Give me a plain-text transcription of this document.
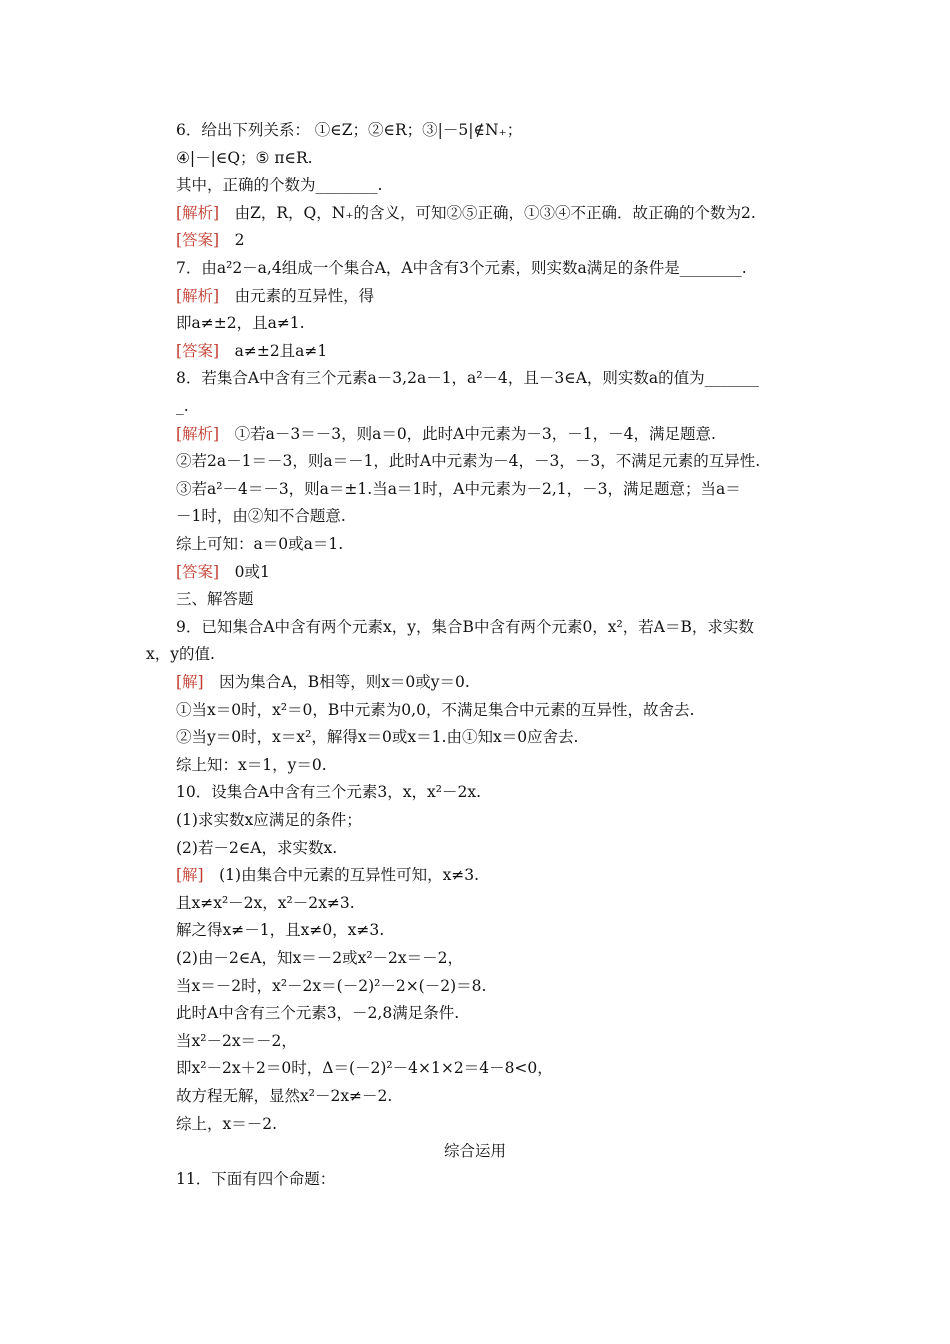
6．给出下列关系： ①∈Z；②∈R；③|－5|∉N₊；
④|－|∈Q；⑤ π∈R.
其中，正确的个数为________.
[解析]　由Z，R，Q，N₊的含义，可知②⑤正确，①③④不正确．故正确的个数为2.
[答案]　2
7．由a²2－a,4组成一个集合A，A中含有3个元素，则实数a满足的条件是________.
[解析]　由元素的互异性，得
即a≠±2，且a≠1.
[答案]　a≠±2且a≠1
8．若集合A中含有三个元素a－3,2a－1，a²－4，且－3∈A，则实数a的值为_______
_.
[解析]　①若a－3＝－3，则a＝0，此时A中元素为－3，－1，－4，满足题意.
②若2a－1＝－3，则a＝－1，此时A中元素为－4，－3，－3，不满足元素的互异性.
③若a²－4＝－3，则a＝±1.当a＝1时，A中元素为－2,1，－3，满足题意；当a＝
－1时，由②知不合题意.
综上可知：a＝0或a＝1.
[答案]　0或1
三、解答题
9．已知集合A中含有两个元素x，y，集合B中含有两个元素0，x²，若A＝B，求实数
x，y的值.
[解]　因为集合A，B相等，则x＝0或y＝0.
①当x＝0时，x²＝0，B中元素为0,0，不满足集合中元素的互异性，故舍去.
②当y＝0时，x＝x²，解得x＝0或x＝1.由①知x＝0应舍去.
综上知：x＝1，y＝0.
10．设集合A中含有三个元素3，x，x²－2x.
(1)求实数x应满足的条件；
(2)若－2∈A，求实数x.
[解]　(1)由集合中元素的互异性可知，x≠3.
且x≠x²－2x，x²－2x≠3.
解之得x≠－1，且x≠0，x≠3.
(2)由－2∈A，知x＝－2或x²－2x＝－2，
当x＝－2时，x²－2x＝(－2)²－2×(－2)＝8.
此时A中含有三个元素3，－2,8满足条件.
当x²－2x＝－2，
即x²－2x＋2＝0时，Δ＝(－2)²－4×1×2＝4－8<0，
故方程无解，显然x²－2x≠－2.
综上，x＝－2.
综合运用
11．下面有四个命题：
